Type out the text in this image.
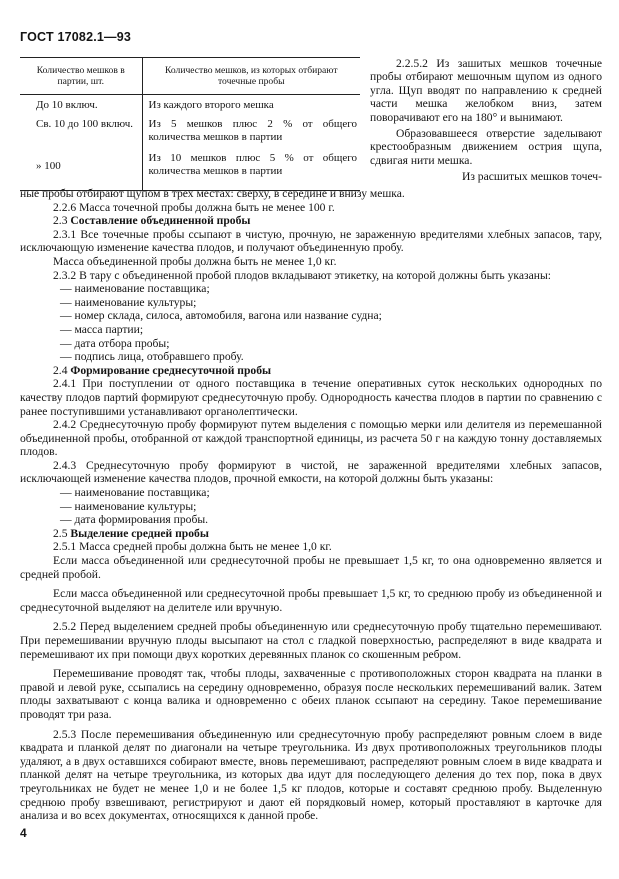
ГОСТ 17082.1—93
Количество мешков в партии, шт.	Количество мешков, из которых отбирают точечные пробы
До 10 включ.	Из каждого второго мешка
Св. 10 до 100 включ.	Из 5 мешков плюс 2 % от общего количества мешков в партии
» 100	Из 10 мешков плюс 5 % от общего количества мешков в партии

2.2.5.2 Из зашитых мешков точечные пробы отбирают мешочным щупом из одного угла. Щуп вводят по направлению к средней части мешка желобком вниз, затем поворачивают его на 180° и вынимают.

Образовавшееся отверстие заделывают крестообразным движением острия щупа, сдвигая нити мешка.

Из расшитых мешков точеч-

ные пробы отбирают щупом в трех местах: сверху, в середине и внизу мешка.

2.2.6 Масса точечной пробы должна быть не менее 100 г.

2.3 Составление объединенной пробы

2.3.1 Все точечные пробы ссыпают в чистую, прочную, не зараженную вредителями хлебных запасов, тару, исключающую изменение качества плодов, и получают объединенную пробу.

Масса объединенной пробы должна быть не менее 1,0 кг.

2.3.2 В тару с объединенной пробой плодов вкладывают этикетку, на которой должны быть указаны:

— наименование поставщика;

— наименование культуры;

— номер склада, силоса, автомобиля, вагона или название судна;

— масса партии;

— дата отбора пробы;

— подпись лица, отобравшего пробу.

2.4 Формирование среднесуточной пробы

2.4.1 При поступлении от одного поставщика в течение оперативных суток нескольких однородных по качеству плодов партий формируют среднесуточную пробу. Однородность качества плодов в партии по сравнению с ранее поступившими устанавливают органолептически.

2.4.2 Среднесуточную пробу формируют путем выделения с помощью мерки или делителя из перемешанной объединенной пробы, отобранной от каждой транспортной единицы, из расчета 50 г на каждую тонну доставляемых плодов.

2.4.3 Среднесуточную пробу формируют в чистой, не зараженной вредителями хлебных запасов, исключающей изменение качества плодов, прочной емкости, на которой должны быть указаны:

— наименование поставщика;

— наименование культуры;

— дата формирования пробы.

2.5 Выделение средней пробы

2.5.1 Масса средней пробы должна быть не менее 1,0 кг.

Если масса объединенной или среднесуточной пробы не превышает 1,5 кг, то она одновременно является и средней пробой.

Если масса объединенной или среднесуточной пробы превышает 1,5 кг, то среднюю пробу из объединенной и среднесуточной выделяют на делителе или вручную.

2.5.2 Перед выделением средней пробы объединенную или среднесуточную пробу тщательно перемешивают. При перемешивании вручную плоды высыпают на стол с гладкой поверхностью, распределяют в виде квадрата и перемешивают их при помощи двух коротких деревянных планок со скошенным ребром.

Перемешивание проводят так, чтобы плоды, захваченные с противоположных сторон квадрата на планки в правой и левой руке, ссыпались на середину одновременно, образуя после нескольких перемешиваний валик. Затем плоды захватывают с конца валика и одновременно с обеих планок ссыпают на середину. Такое перемешивание проводят три раза.

2.5.3 После перемешивания объединенную или среднесуточную пробу распределяют ровным слоем в виде квадрата и планкой делят по диагонали на четыре треугольника. Из двух противоположных треугольников плоды удаляют, а в двух оставшихся собирают вместе, вновь перемешивают, распределяют ровным слоем в виде квадрата и планкой делят на четыре треугольника, из которых два идут для последующего деления до тех пор, пока в двух треугольниках не будет не менее 1,0 и не более 1,5 кг плодов, которые и составят среднюю пробу. Выделенную среднюю пробу взвешивают, регистрируют и дают ей порядковый номер, который проставляют в карточке для анализа и во всех документах, относящихся к данной пробе.

4
